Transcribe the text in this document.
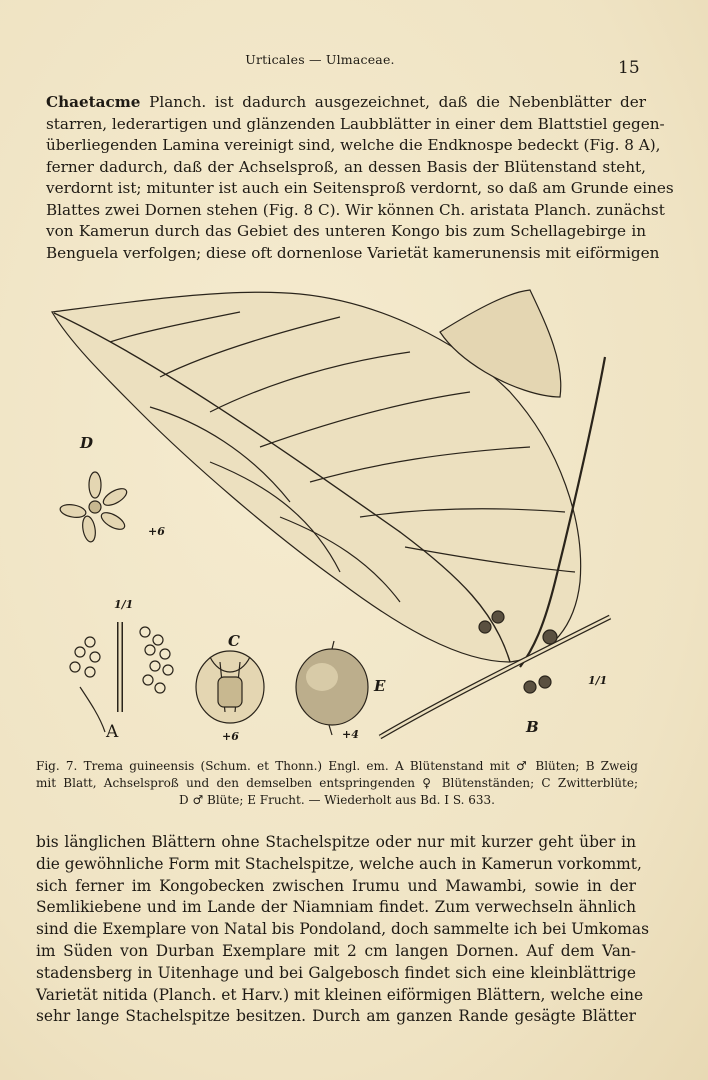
Urticales — Ulmaceae.	15
Chaetacme Planch. ist dadurch ausgezeichnet, daß die Nebenblätter der
starren, lederartigen und glänzenden Laubblätter in einer dem Blattstiel gegen-
überliegenden Lamina vereinigt sind, welche die Endknospe bedeckt (Fig. 8 A),
ferner dadurch, daß der Achselsproß, an dessen Basis der Blütenstand steht,
verdornt ist; mitunter ist auch ein Seitensproß verdornt, so daß am Grunde eines
Blattes zwei Dornen stehen (Fig. 8 C). Wir können Ch. aristata Planch. zunächst
von Kamerun durch das Gebiet des unteren Kongo bis zum Schellagebirge in
Benguela verfolgen; diese oft dornenlose Varietät kamerunensis mit eiförmigen
D
+6
1/1
A
C
+6
E
+4	B
1/1
Fig. 7. Trema guineensis (Schum. et Thonn.) Engl. em. A Blütenstand mit ♂ Blüten; B Zweig
mit Blatt, Achselsproß und den demselben entspringenden ♀ Blütenständen; C Zwitterblüte;
D ♂ Blüte; E Frucht. — Wiederholt aus Bd. I S. 633.
bis länglichen Blättern ohne Stachelspitze oder nur mit kurzer geht über in
die gewöhnliche Form mit Stachelspitze, welche auch in Kamerun vorkommt,
sich ferner im Kongobecken zwischen Irumu und Mawambi, sowie in der
Semlikiebene und im Lande der Niamniam findet. Zum verwechseln ähnlich
sind die Exemplare von Natal bis Pondoland, doch sammelte ich bei Umkomas
im Süden von Durban Exemplare mit 2 cm langen Dornen. Auf dem Van-
stadensberg in Uitenhage und bei Galgebosch findet sich eine kleinblättrige
Varietät nitida (Planch. et Harv.) mit kleinen eiförmigen Blättern, welche eine
sehr lange Stachelspitze besitzen. Durch am ganzen Rande gesägte Blätter
